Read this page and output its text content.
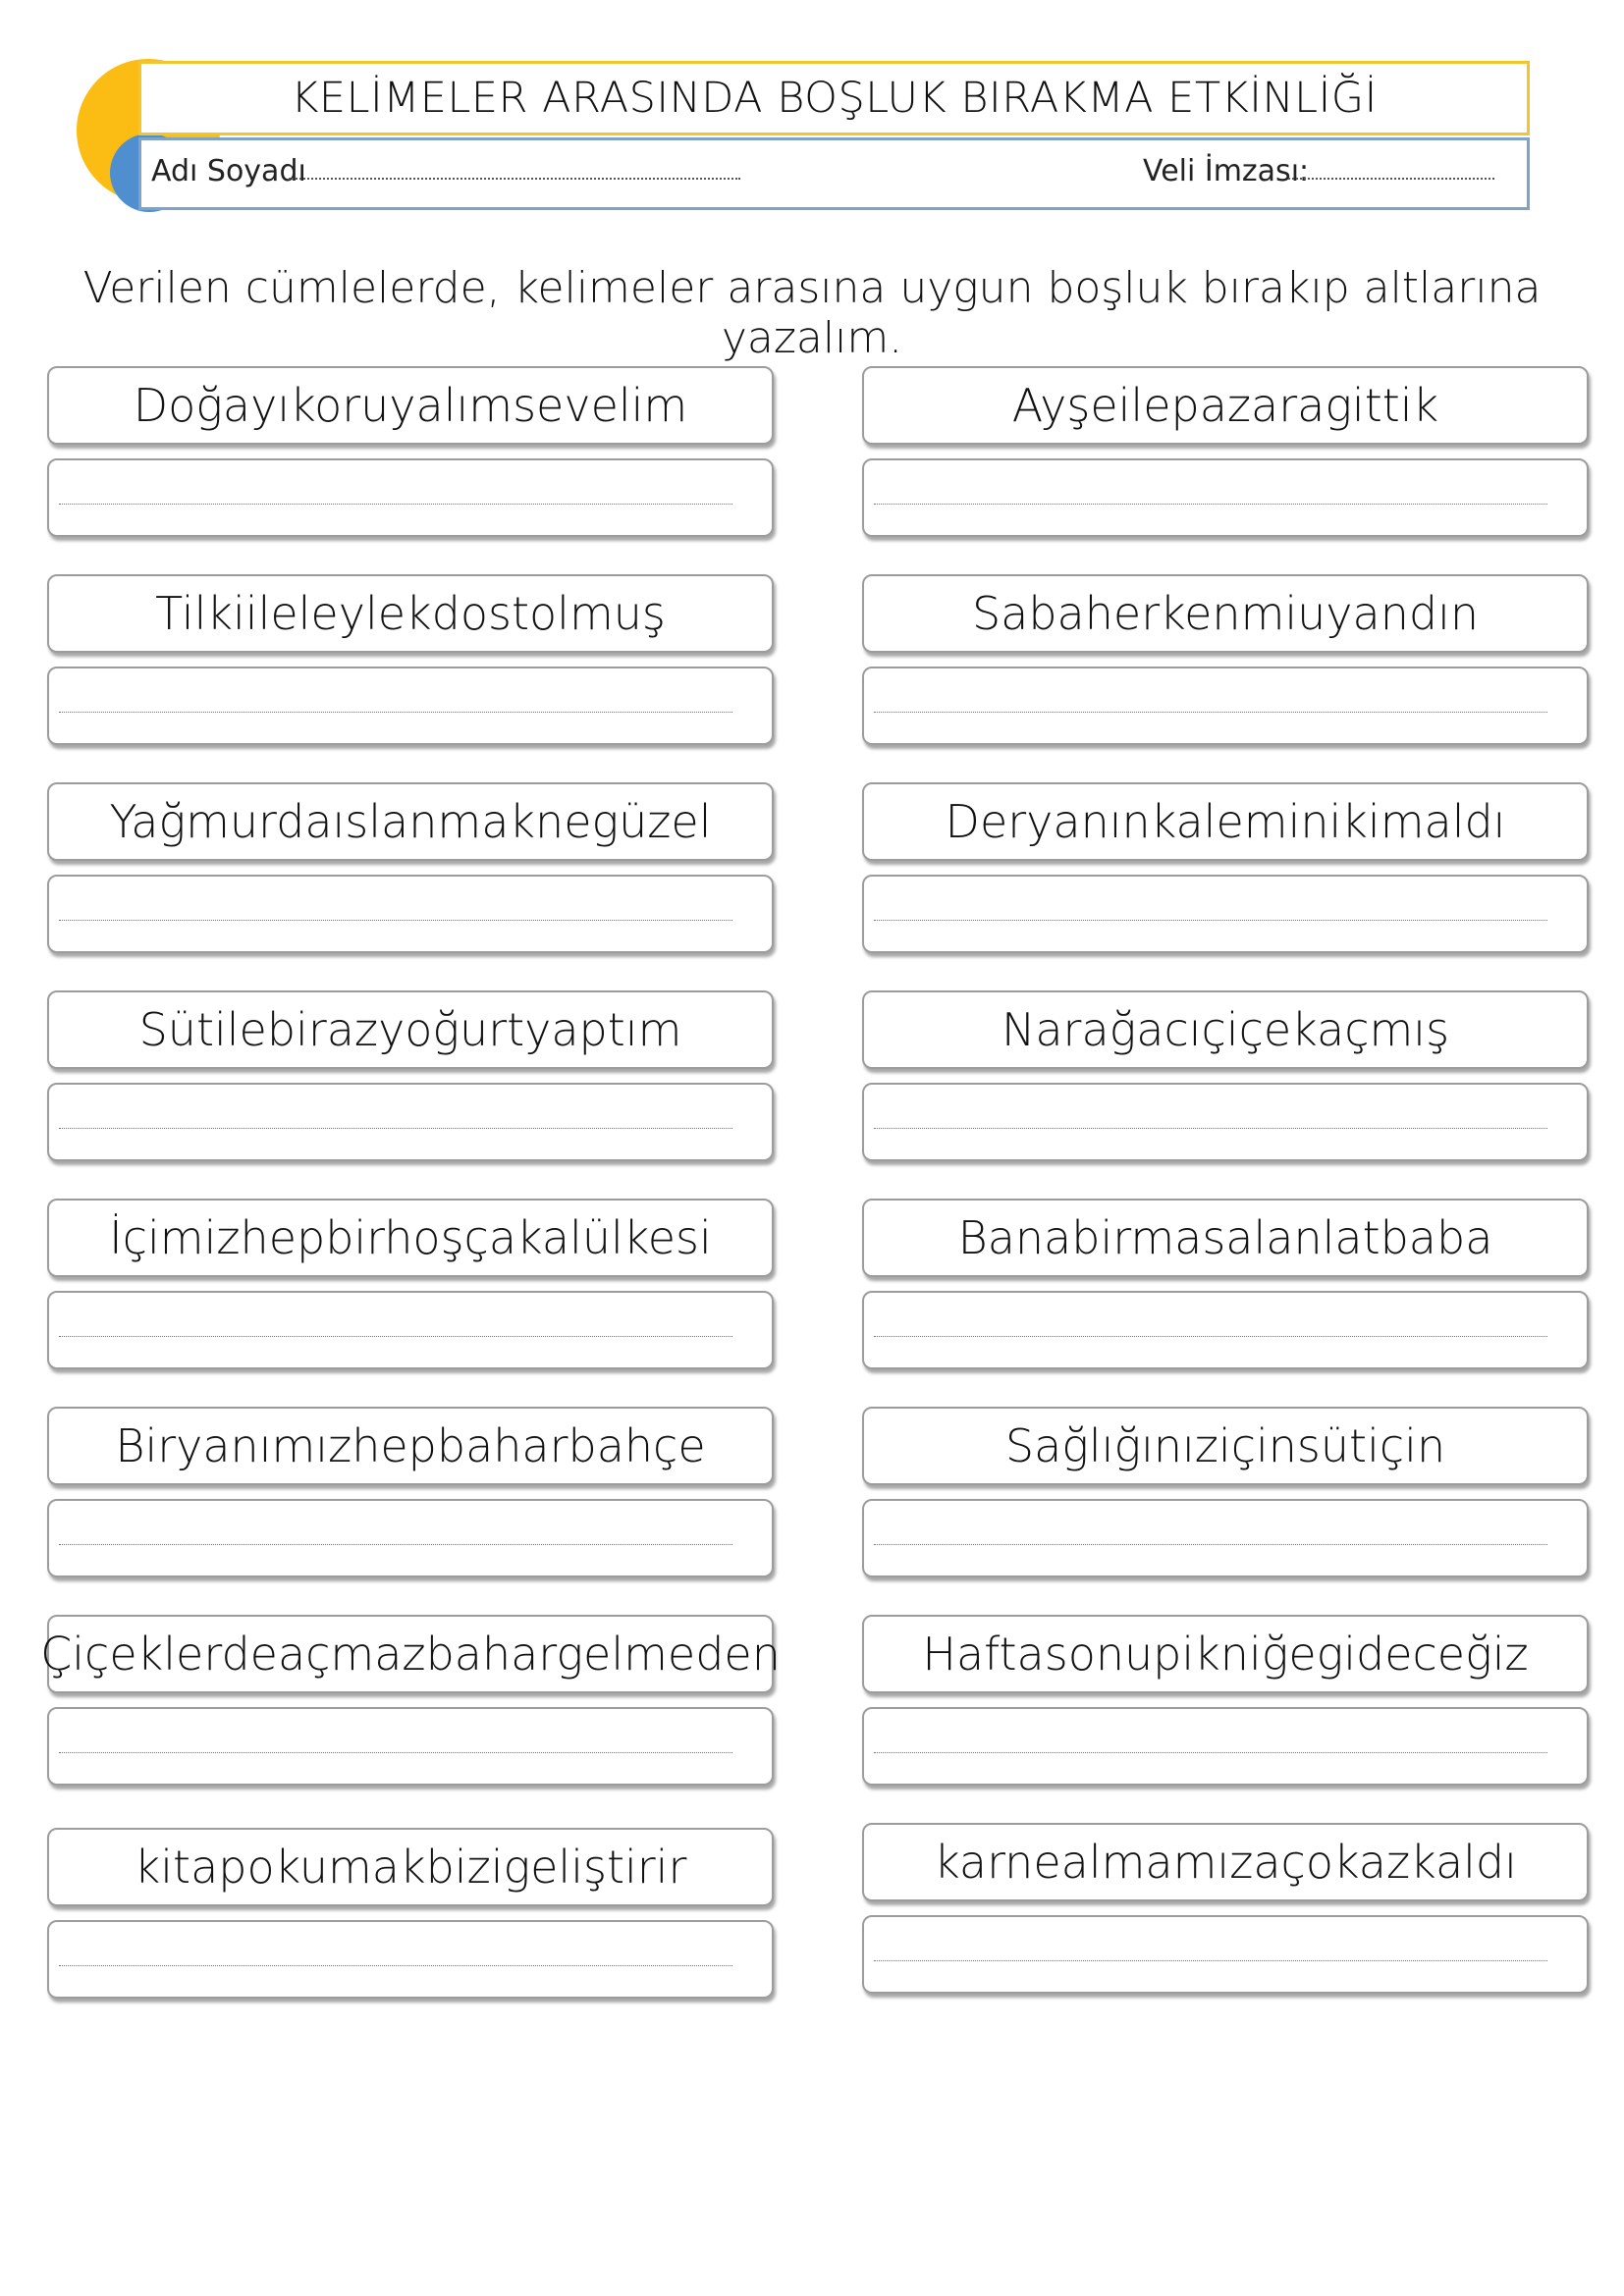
KELİMELER ARASINDA BOŞLUK BIRAKMA ETKİNLİĞİ
Adı Soyadı	Veli İmzası:
Verilen cümlelerde, kelimeler arasına uygun boşluk bırakıp altlarına yazalım.
Doğayıkoruyalımsevelim
Tilkiileleylekdostolmuş
Yağmurdaıslanmaknegüzel
Sütilebirazyoğurtyaptım
İçimizhepbirhoşçakalülkesi
Biryanımızhepbaharbahçe
Çiçeklerdeaçmazbahargelmeden
kitapokumakbizigeliştirir
Ayşeilepazaragittik
Sabaherkenmiuyandın
Deryanınkaleminikimaldı
Narağacıçiçekaçmış
Banabirmasalanlatbaba
Sağlığınıziçinsütiçin
Haftasonupikniğegideceğiz
karnealmamızaçokazkaldı
